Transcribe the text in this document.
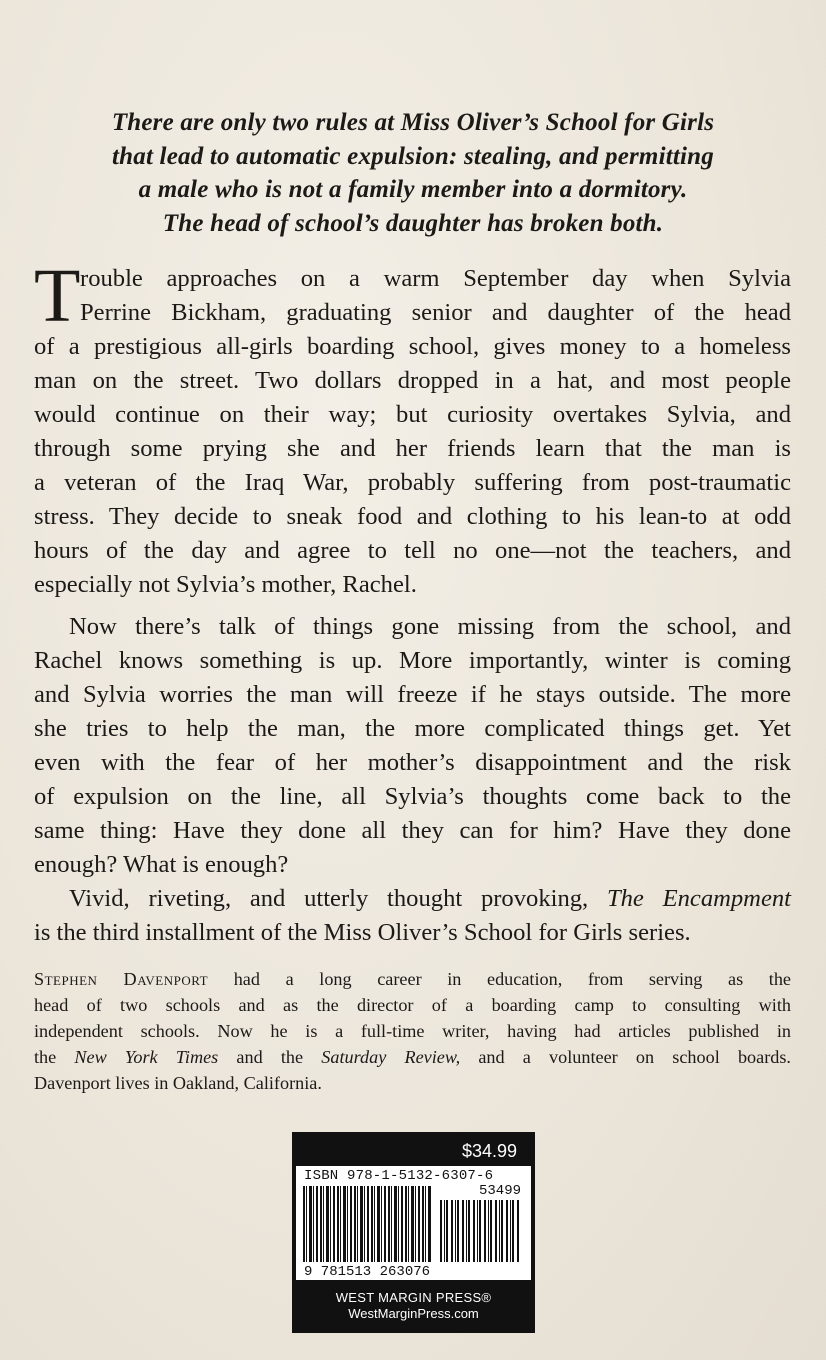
There are only two rules at Miss Oliver’s School for Girls
that lead to automatic expulsion: stealing, and permitting
a male who is not a family member into a dormitory.
The head of school’s daughter has broken both.
T rouble approaches on a warm September day when Sylvia
Perrine Bickham, graduating senior and daughter of the head
of a prestigious all-girls boarding school, gives money to a homeless
man on the street. Two dollars dropped in a hat, and most people
would continue on their way; but curiosity overtakes Sylvia, and
through some prying she and her friends learn that the man is
a veteran of the Iraq War, probably suffering from post-traumatic
stress. They decide to sneak food and clothing to his lean-to at odd
hours of the day and agree to tell no one—not the teachers, and
especially not Sylvia’s mother, Rachel.
Now there’s talk of things gone missing from the school, and
Rachel knows something is up. More importantly, winter is coming
and Sylvia worries the man will freeze if he stays outside. The more
she tries to help the man, the more complicated things get. Yet
even with the fear of her mother’s disappointment and the risk
of expulsion on the line, all Sylvia’s thoughts come back to the
same thing: Have they done all they can for him? Have they done
enough? What is enough?
Vivid, riveting, and utterly thought provoking, The Encampment
is the third installment of the Miss Oliver’s School for Girls series.
Stephen Davenport had a long career in education, from serving as the
head of two schools and as the director of a boarding camp to consulting with
independent schools. Now he is a full-time writer, having had articles published in
the New York Times and the Saturday Review, and a volunteer on school boards.
Davenport lives in Oakland, California.
$34.99
ISBN 978-1-5132-6307-6
53499
9 781513 263076
WEST MARGIN PRESS®
WestMarginPress.com
